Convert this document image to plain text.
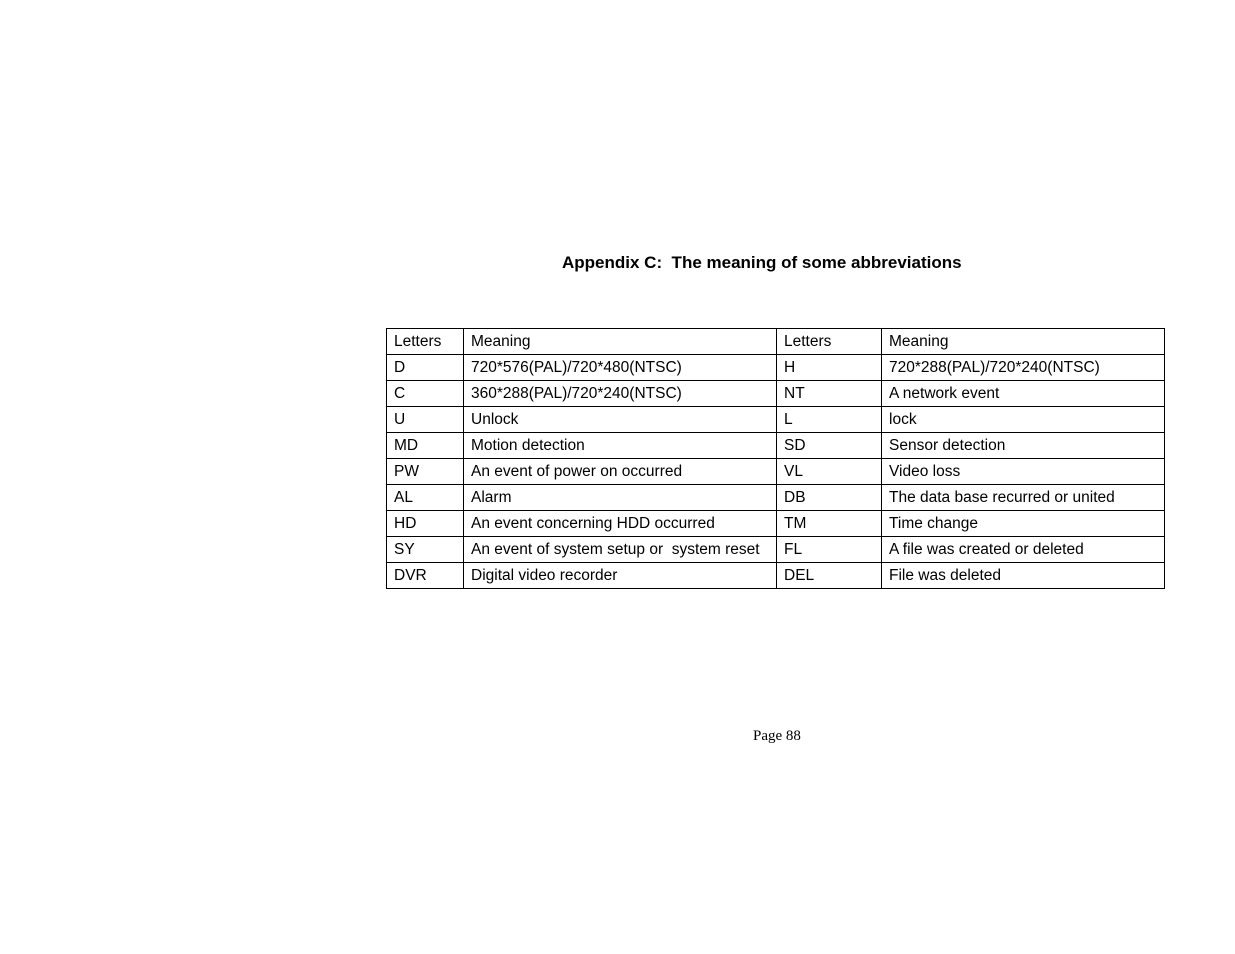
Appendix C:  The meaning of some abbreviations
Letters	Meaning	Letters	Meaning
D	720*576(PAL)/720*480(NTSC)	H	720*288(PAL)/720*240(NTSC)
C	360*288(PAL)/720*240(NTSC)	NT	A network event
U	Unlock	L	lock
MD	Motion detection	SD	Sensor detection
PW	An event of power on occurred	VL	Video loss
AL	Alarm	DB	The data base recurred or united
HD	An event concerning HDD occurred	TM	Time change
SY	An event of system setup or  system reset	FL	A file was created or deleted
DVR	Digital video recorder	DEL	File was deleted
Page 88
